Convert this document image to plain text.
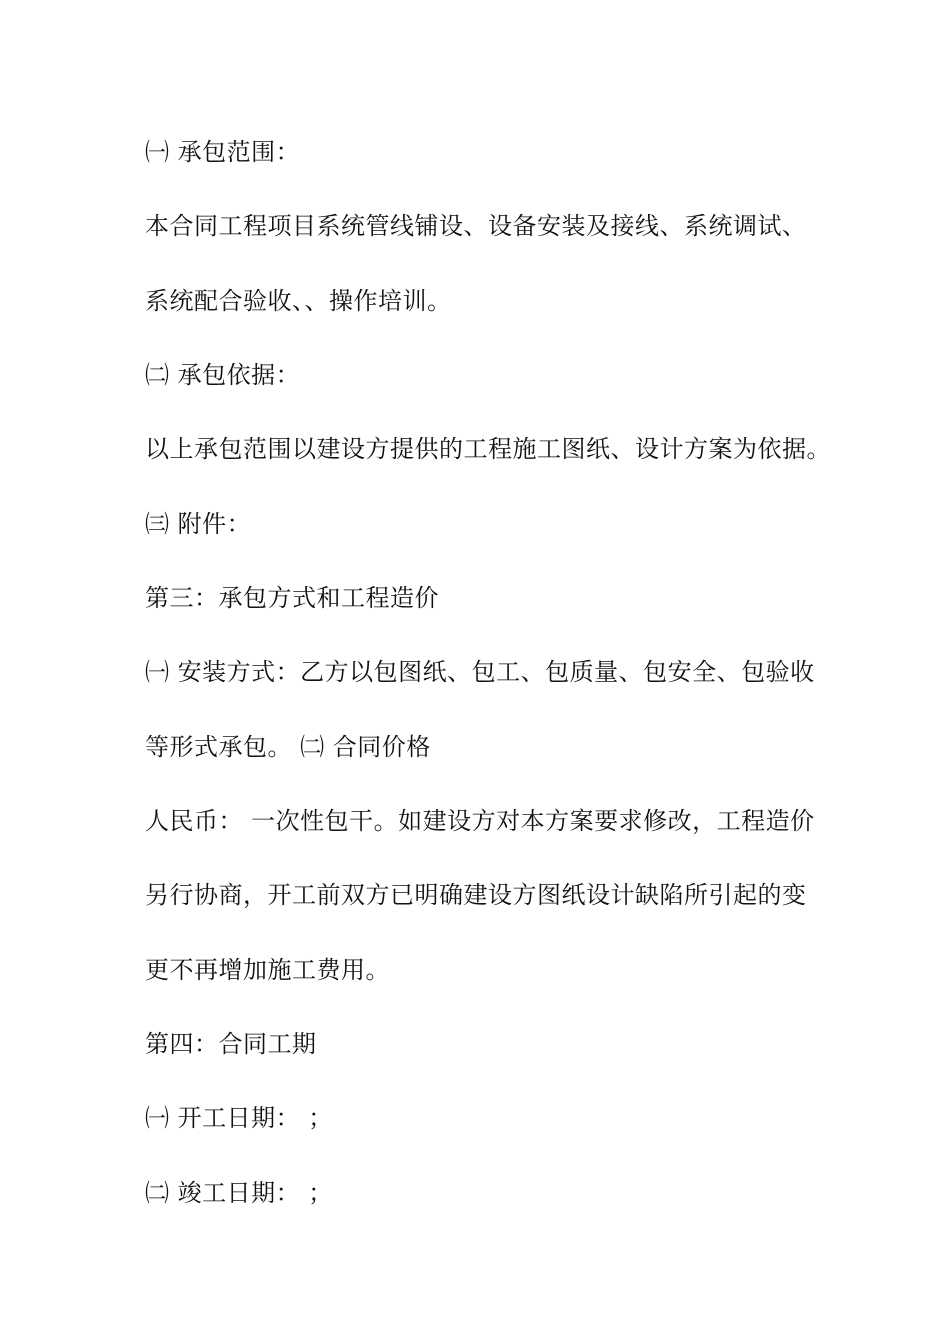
㈠ 承包范围：
本合同工程项目系统管线铺设、设备安装及接线、系统调试、
系统配合验收、、操作培训。
㈡ 承包依据：
以上承包范围以建设方提供的工程施工图纸、设计方案为依据。
㈢ 附件：
第三：承包方式和工程造价
㈠ 安装方式：乙方以包图纸、包工、包质量、包安全、包验收
等形式承包。 ㈡ 合同价格
人民币： 一次性包干。如建设方对本方案要求修改，工程造价
另行协商，开工前双方已明确建设方图纸设计缺陷所引起的变
更不再增加施工费用。
第四：合同工期
㈠ 开工日期： ；
㈡ 竣工日期： ；
